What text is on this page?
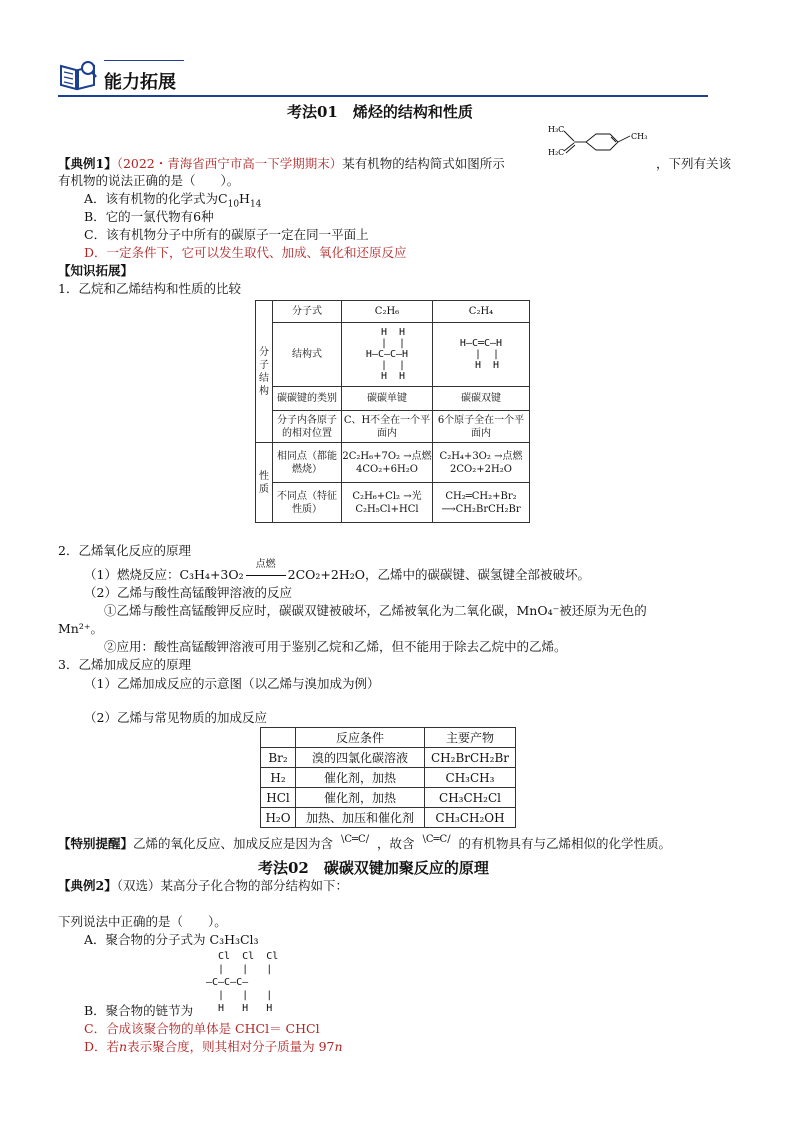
能力拓展
考法01　烯烃的结构和性质
H₃C
H₂C
CH₃
【典例1】（2022・青海省西宁市高一下学期期末）某有机物的结构简式如图所示	，下列有关该
有机物的说法正确的是（　　）。
A．该有机物的化学式为$C_{10}H_{14}$
B．它的一氯代物有6种
C．该有机物分子中所有的碳原子一定在同一平面上
D．一定条件下，它可以发生取代、加成、氧化和还原反应
【知识拓展】
1．乙烷和乙烯结构和性质的比较
分子结构	分子式	C₂H₆	C₂H₄
	结构式	H  H
|  |
H—C—C—H
|  |
H  H	H—C═C—H
|  |
H  H

	碳碳键的类别	碳碳单键	碳碳双键
	分子内各原子的相对位置	C、H不全在一个平面内	6个原子全在一个平面内
性质	相同点（都能燃烧）	2C₂H₆+7O₂ →点燃 4CO₂+6H₂O	C₂H₄+3O₂ →点燃 2CO₂+2H₂O
	不同点（特征性质）	C₂H₆+Cl₂ →光 C₂H₅Cl+HCl	CH₂═CH₂+Br₂ ⟶CH₂BrCH₂Br
2．乙烯氧化反应的原理
（1）燃烧反应：C₃H₄+3O₂
点燃
2CO₂+2H₂O，乙烯中的碳碳键、碳氢键全部被破坏。
（2）乙烯与酸性高锰酸钾溶液的反应
①乙烯与酸性高锰酸钾反应时，碳碳双键被破坏，乙烯被氧化为二氧化碳，MnO₄⁻被还原为无色的
Mn²⁺。
②应用：酸性高锰酸钾溶液可用于鉴别乙烷和乙烯，但不能用于除去乙烷中的乙烯。
3．乙烯加成反应的原理
（1）乙烯加成反应的示意图（以乙烯与溴加成为例）
（2）乙烯与常见物质的加成反应
	反应条件	主要产物
Br₂	溴的四氯化碳溶液	CH₂BrCH₂Br
H₂	催化剂，加热	CH₃CH₃
HCl	催化剂，加热	CH₃CH₂Cl
H₂O	加热、加压和催化剂	CH₃CH₂OH
【特别提醒】乙烯的氧化反应、加成反应是因为含 \C═C/ ，故含 \C═C/ 的有机物具有与乙烯相似的化学性质。
考法02　碳碳双键加聚反应的原理
【典例2】（双选）某高分子化合物的部分结构如下：
下列说法中正确的是（　　）。
A．聚合物的分子式为 C₃H₃Cl₃
Cl  Cl  Cl
|   |   |
—C—C—C—
|   |   |
H   H   H
B．聚合物的链节为
C．合成该聚合物的单体是 CHCl＝ CHCl
D．若n表示聚合度，则其相对分子质量为 97n
